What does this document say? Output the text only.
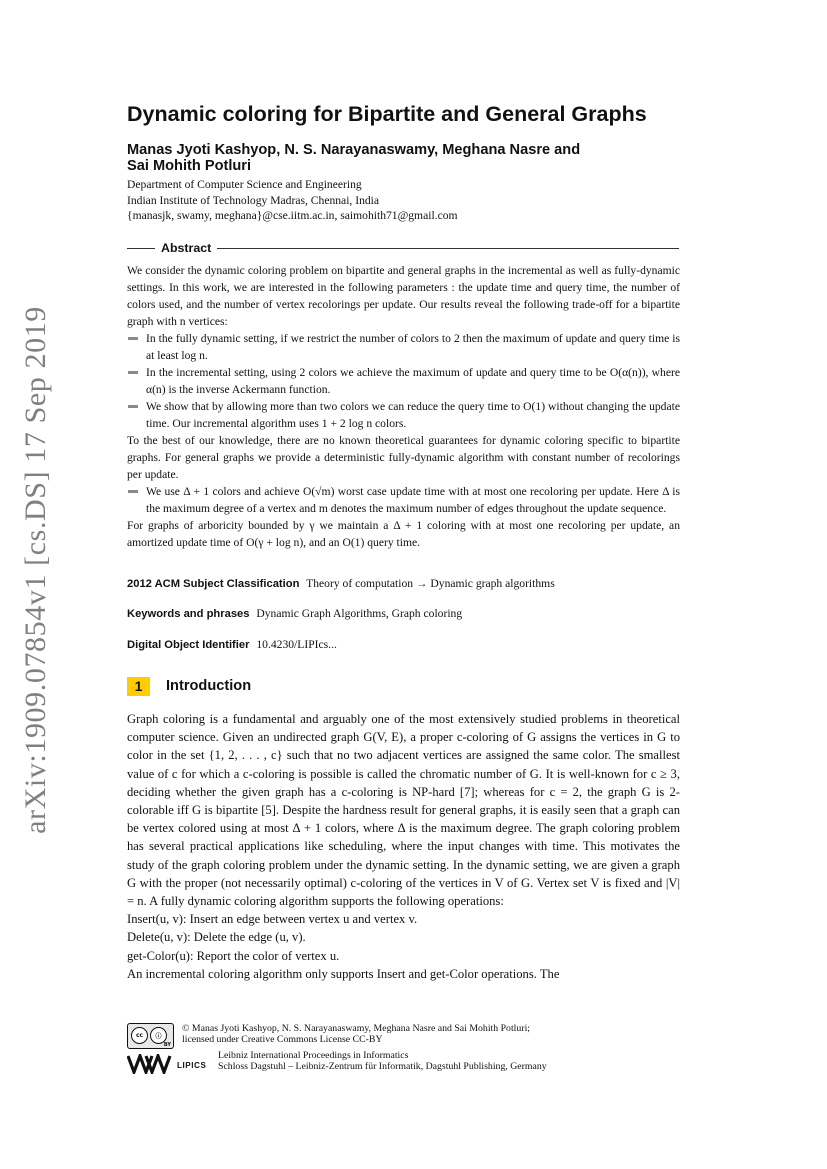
arXiv:1909.07854v1 [cs.DS] 17 Sep 2019
Dynamic coloring for Bipartite and General Graphs
Manas Jyoti Kashyop, N. S. Narayanaswamy, Meghana Nasre and
Sai Mohith Potluri
Department of Computer Science and Engineering
Indian Institute of Technology Madras, Chennai, India
{manasjk, swamy, meghana}@cse.iitm.ac.in, saimohith71@gmail.com
Abstract

We consider the dynamic coloring problem on bipartite and general graphs in the incremental as well as fully-dynamic settings. In this work, we are interested in the following parameters : the update time and query time, the number of colors used, and the number of vertex recolorings per update. Our results reveal the following trade-off for a bipartite graph with n vertices:

In the fully dynamic setting, if we restrict the number of colors to 2 then the maximum of update and query time is at least log n.
In the incremental setting, using 2 colors we achieve the maximum of update and query time to be O(α(n)), where α(n) is the inverse Ackermann function.
We show that by allowing more than two colors we can reduce the query time to O(1) without changing the update time. Our incremental algorithm uses 1 + 2 log n colors.

To the best of our knowledge, there are no known theoretical guarantees for dynamic coloring specific to bipartite graphs. For general graphs we provide a deterministic fully-dynamic algorithm with constant number of recolorings per update.

We use Δ + 1 colors and achieve O(√m) worst case update time with at most one recoloring per update. Here Δ is the maximum degree of a vertex and m denotes the maximum number of edges throughout the update sequence.

For graphs of arboricity bounded by γ we maintain a Δ + 1 coloring with at most one recoloring per update, an amortized update time of O(γ + log n), and an O(1) query time.

2012 ACM Subject Classification Theory of computation → Dynamic graph algorithms
Keywords and phrases Dynamic Graph Algorithms, Graph coloring
Digital Object Identifier 10.4230/LIPIcs...
1	Introduction

Graph coloring is a fundamental and arguably one of the most extensively studied problems in theoretical computer science. Given an undirected graph G(V, E), a proper c-coloring of G assigns the vertices in G to color in the set {1, 2, . . . , c} such that no two adjacent vertices are assigned the same color. The smallest value of c for which a c-coloring is possible is called the chromatic number of G. It is well-known for c ≥ 3, deciding whether the given graph has a c-coloring is NP-hard [7]; whereas for c = 2, the graph G is 2-colorable iff G is bipartite [5]. Despite the hardness result for general graphs, it is easily seen that a graph can be vertex colored using at most Δ + 1 colors, where Δ is the maximum degree. The graph coloring problem has several practical applications like scheduling, where the input changes with time. This motivates the study of the graph coloring problem under the dynamic setting. In the dynamic setting, we are given a graph G with the proper (not necessarily optimal) c-coloring of the vertices in V of G. Vertex set V is fixed and |V| = n. A fully dynamic coloring algorithm supports the following operations:

Insert(u, v): Insert an edge between vertex u and vertex v.

Delete(u, v): Delete the edge (u, v).

get-Color(u): Report the color of vertex u.

An incremental coloring algorithm only supports Insert and get-Color operations. The

cc	ⓘ
BY
© Manas Jyoti Kashyop, N. S. Narayanaswamy, Meghana Nasre and Sai Mohith Potluri;
licensed under Creative Commons License CC-BY
LIPICS
Leibniz International Proceedings in Informatics
Schloss Dagstuhl – Leibniz-Zentrum für Informatik, Dagstuhl Publishing, Germany
